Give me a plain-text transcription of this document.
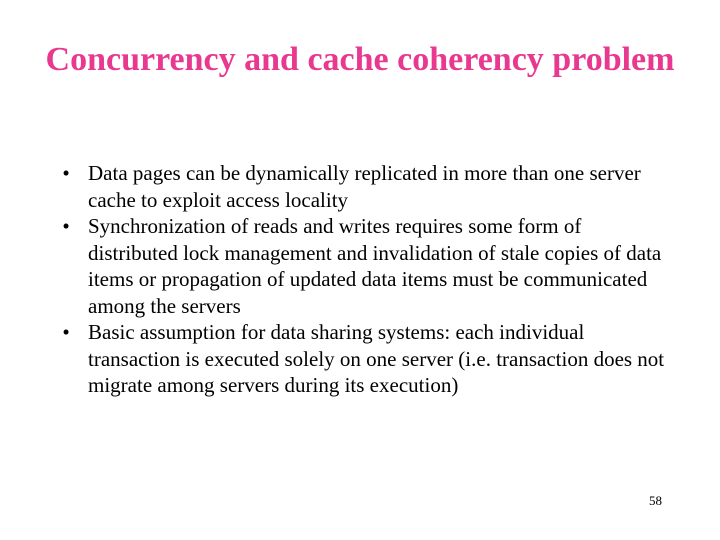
Concurrency and cache coherency problem
• Data pages can be dynamically replicated in more than one server cache to exploit access locality
• Synchronization of reads and writes requires some form of distributed lock management and invalidation of stale copies of data items or propagation of updated data items must be communicated among the servers
• Basic assumption for data sharing systems: each individual transaction is executed solely on one server (i.e. transaction does not migrate among servers during its execution)
58
